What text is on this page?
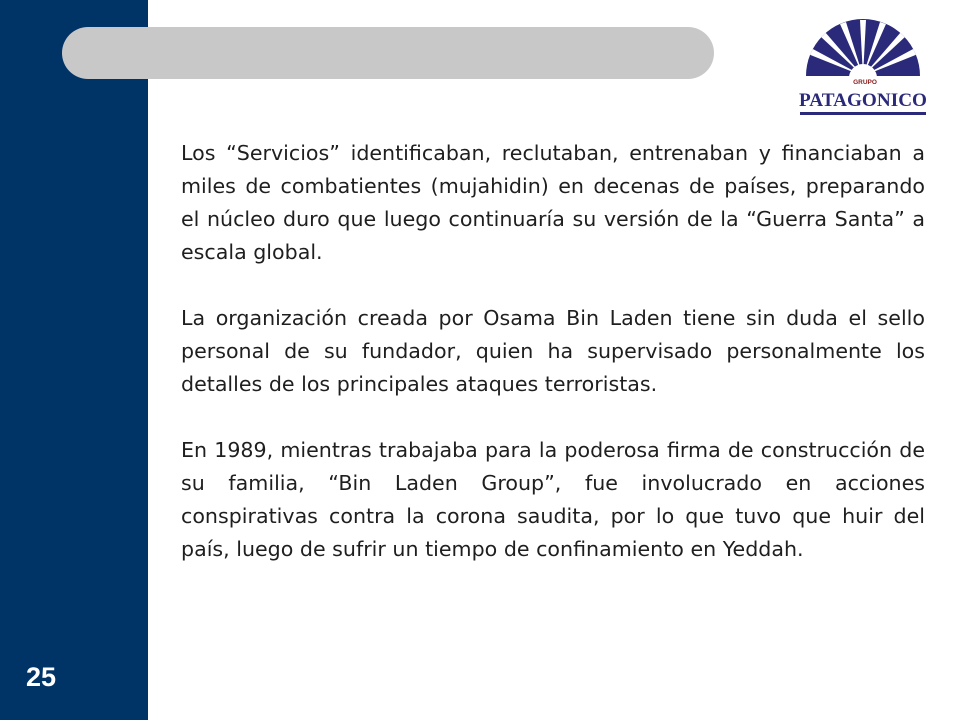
25
GRUPO
PATAGONICO

Los “Servicios” identificaban, reclutaban, entrenaban y financiaban a miles de combatientes (mujahidin) en decenas de países, preparando el núcleo duro que luego continuaría su versión de la “Guerra Santa” a escala global.

La organización creada por Osama Bin Laden tiene sin duda el sello personal de su fundador, quien ha supervisado personalmente los detalles de los principales ataques terroristas.

En 1989, mientras trabajaba para la poderosa firma de construcción de su familia, “Bin Laden Group”, fue involucrado en acciones conspirativas contra la corona saudita, por lo que tuvo que huir del país, luego de sufrir un tiempo de confinamiento en Yeddah.
